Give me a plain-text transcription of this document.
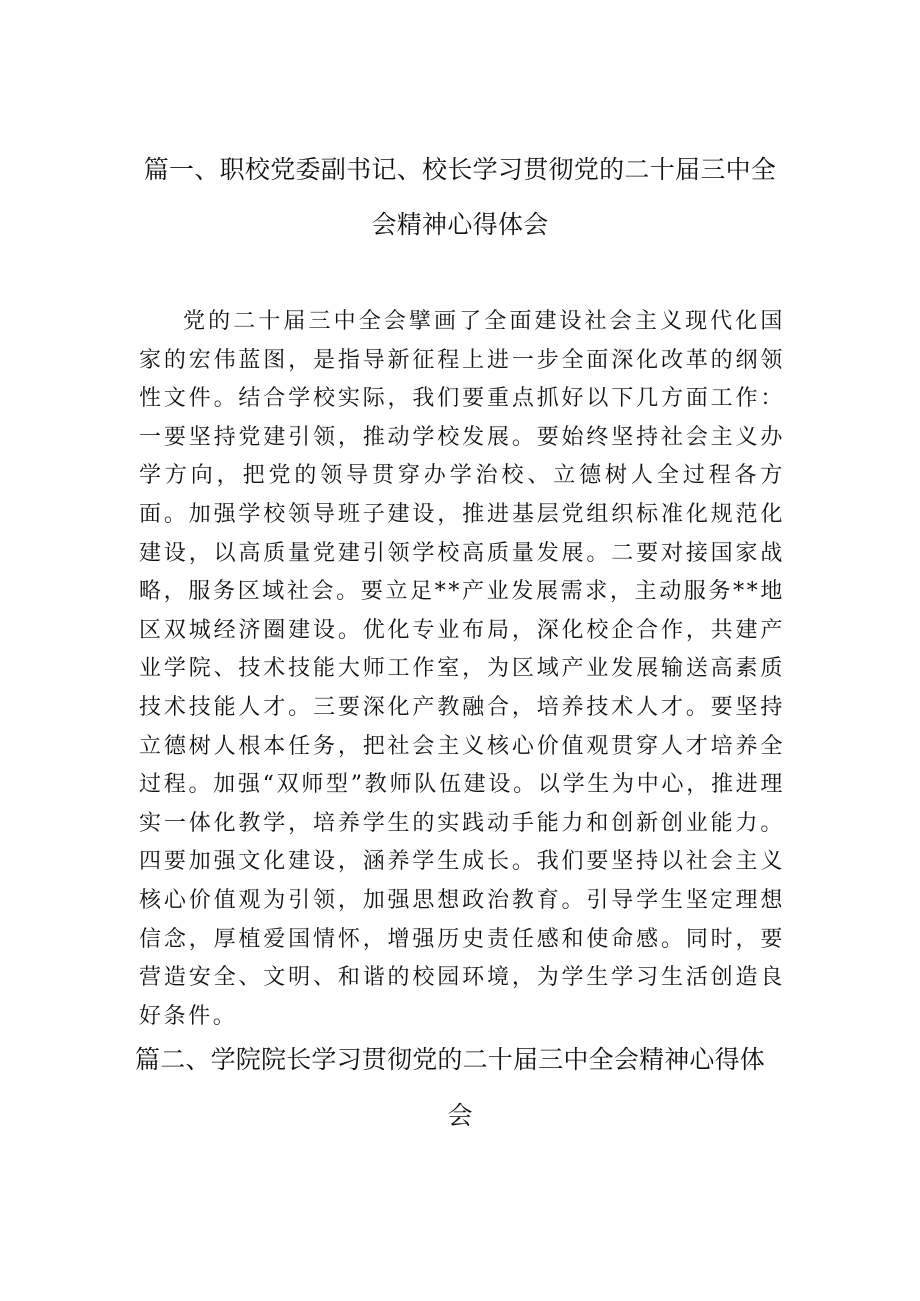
篇一、职校党委副书记、校长学习贯彻党的二十届三中全会精神心得体会

党的二十届三中全会擘画了全面建设社会主义现代化国家的宏伟蓝图，是指导新征程上进一步全面深化改革的纲领性文件。结合学校实际，我们要重点抓好以下几方面工作：一要坚持党建引领，推动学校发展。要始终坚持社会主义办学方向，把党的领导贯穿办学治校、立德树人全过程各方面。加强学校领导班子建设，推进基层党组织标准化规范化建设，以高质量党建引领学校高质量发展。二要对接国家战略，服务区域社会。要立足**产业发展需求，主动服务**地区双城经济圈建设。优化专业布局，深化校企合作，共建产业学院、技术技能大师工作室，为区域产业发展输送高素质技术技能人才。三要深化产教融合，培养技术人才。要坚持立德树人根本任务，把社会主义核心价值观贯穿人才培养全过程。加强“双师型”教师队伍建设。以学生为中心，推进理实一体化教学，培养学生的实践动手能力和创新创业能力。四要加强文化建设，涵养学生成长。我们要坚持以社会主义核心价值观为引领，加强思想政治教育。引导学生坚定理想信念，厚植爱国情怀，增强历史责任感和使命感。同时，要营造安全、文明、和谐的校园环境，为学生学习生活创造良好条件。

篇二、学院院长学习贯彻党的二十届三中全会精神心得体
会
